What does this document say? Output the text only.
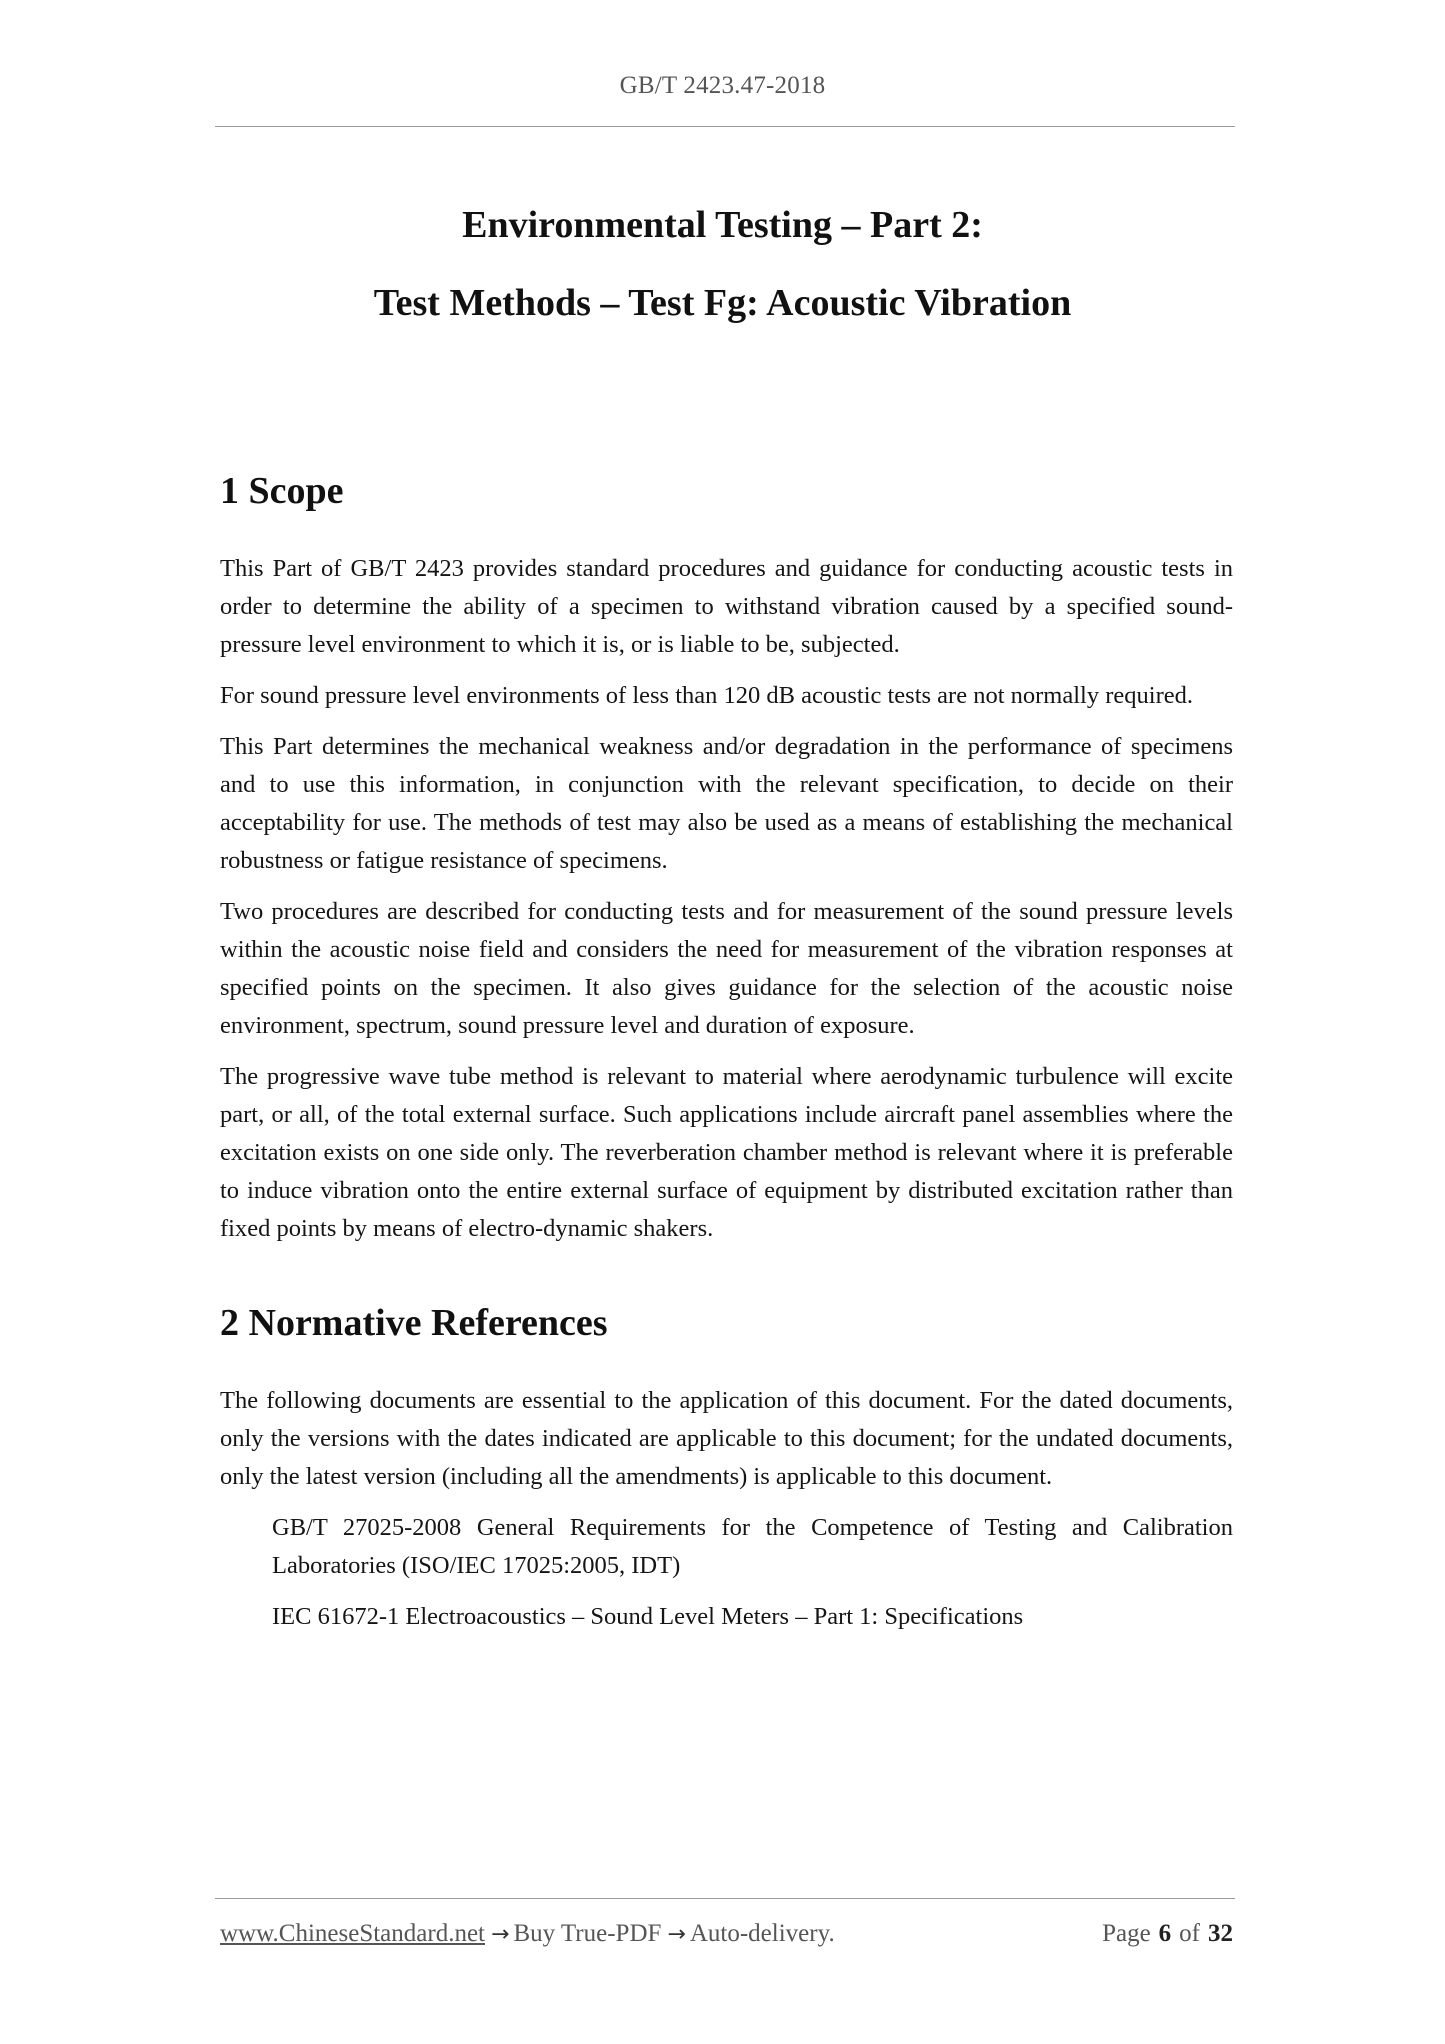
GB/T 2423.47-2018
Environmental Testing – Part 2:
Test Methods – Test Fg: Acoustic Vibration
1 Scope

This Part of GB/T 2423 provides standard procedures and guidance for conducting acoustic tests in order to determine the ability of a specimen to withstand vibration caused by a specified sound-pressure level environment to which it is, or is liable to be, subjected.

For sound pressure level environments of less than 120 dB acoustic tests are not normally required.

This Part determines the mechanical weakness and/or degradation in the performance of specimens and to use this information, in conjunction with the relevant specification, to decide on their acceptability for use. The methods of test may also be used as a means of establishing the mechanical robustness or fatigue resistance of specimens.

Two procedures are described for conducting tests and for measurement of the sound pressure levels within the acoustic noise field and considers the need for measurement of the vibration responses at specified points on the specimen. It also gives guidance for the selection of the acoustic noise environment, spectrum, sound pressure level and duration of exposure.

The progressive wave tube method is relevant to material where aerodynamic turbulence will excite part, or all, of the total external surface. Such applications include aircraft panel assemblies where the excitation exists on one side only. The reverberation chamber method is relevant where it is preferable to induce vibration onto the entire external surface of equipment by distributed excitation rather than fixed points by means of electro-dynamic shakers.

2 Normative References

The following documents are essential to the application of this document. For the dated documents, only the versions with the dates indicated are applicable to this document; for the undated documents, only the latest version (including all the amendments) is applicable to this document.

GB/T 27025-2008 General Requirements for the Competence of Testing and Calibration Laboratories (ISO/IEC 17025:2005, IDT)

IEC 61672-1 Electroacoustics – Sound Level Meters – Part 1: Specifications

www.ChineseStandard.net → Buy True-PDF → Auto-delivery.	Page 6 of 32
